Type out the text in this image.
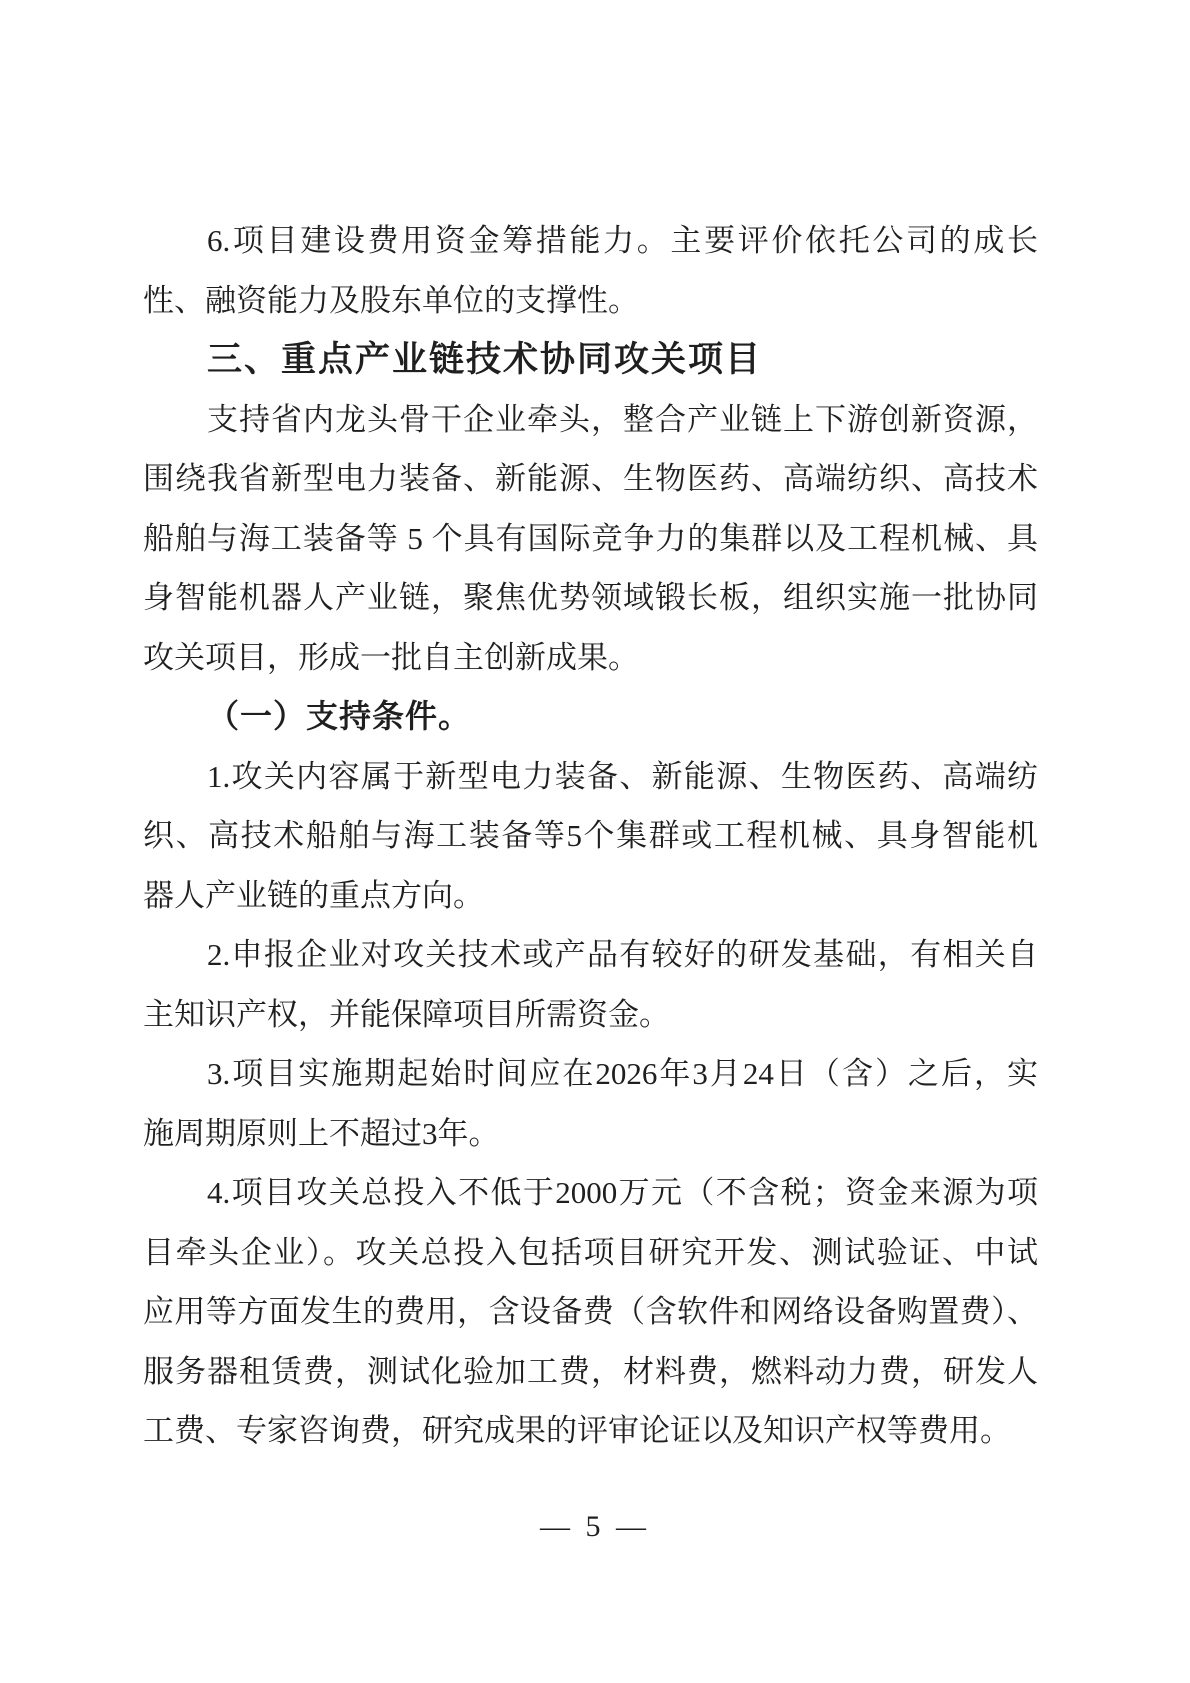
6.项目建设费用资金筹措能力。主要评价依托公司的成长
性、融资能力及股东单位的支撑性。
三、重点产业链技术协同攻关项目
支持省内龙头骨干企业牵头，整合产业链上下游创新资源，
围绕我省新型电力装备、新能源、生物医药、高端纺织、高技术
船舶与海工装备等 5 个具有国际竞争力的集群以及工程机械、具
身智能机器人产业链，聚焦优势领域锻长板，组织实施一批协同
攻关项目，形成一批自主创新成果。
（一）支持条件。
1.攻关内容属于新型电力装备、新能源、生物医药、高端纺
织、高技术船舶与海工装备等5个集群或工程机械、具身智能机
器人产业链的重点方向。
2.申报企业对攻关技术或产品有较好的研发基础，有相关自
主知识产权，并能保障项目所需资金。
3.项目实施期起始时间应在2026年3月24日（含）之后，实
施周期原则上不超过3年。
4.项目攻关总投入不低于2000万元（不含税；资金来源为项
目牵头企业）。攻关总投入包括项目研究开发、测试验证、中试
应用等方面发生的费用，含设备费（含软件和网络设备购置费）、
服务器租赁费，测试化验加工费，材料费，燃料动力费，研发人
工费、专家咨询费，研究成果的评审论证以及知识产权等费用。
— 5 —
